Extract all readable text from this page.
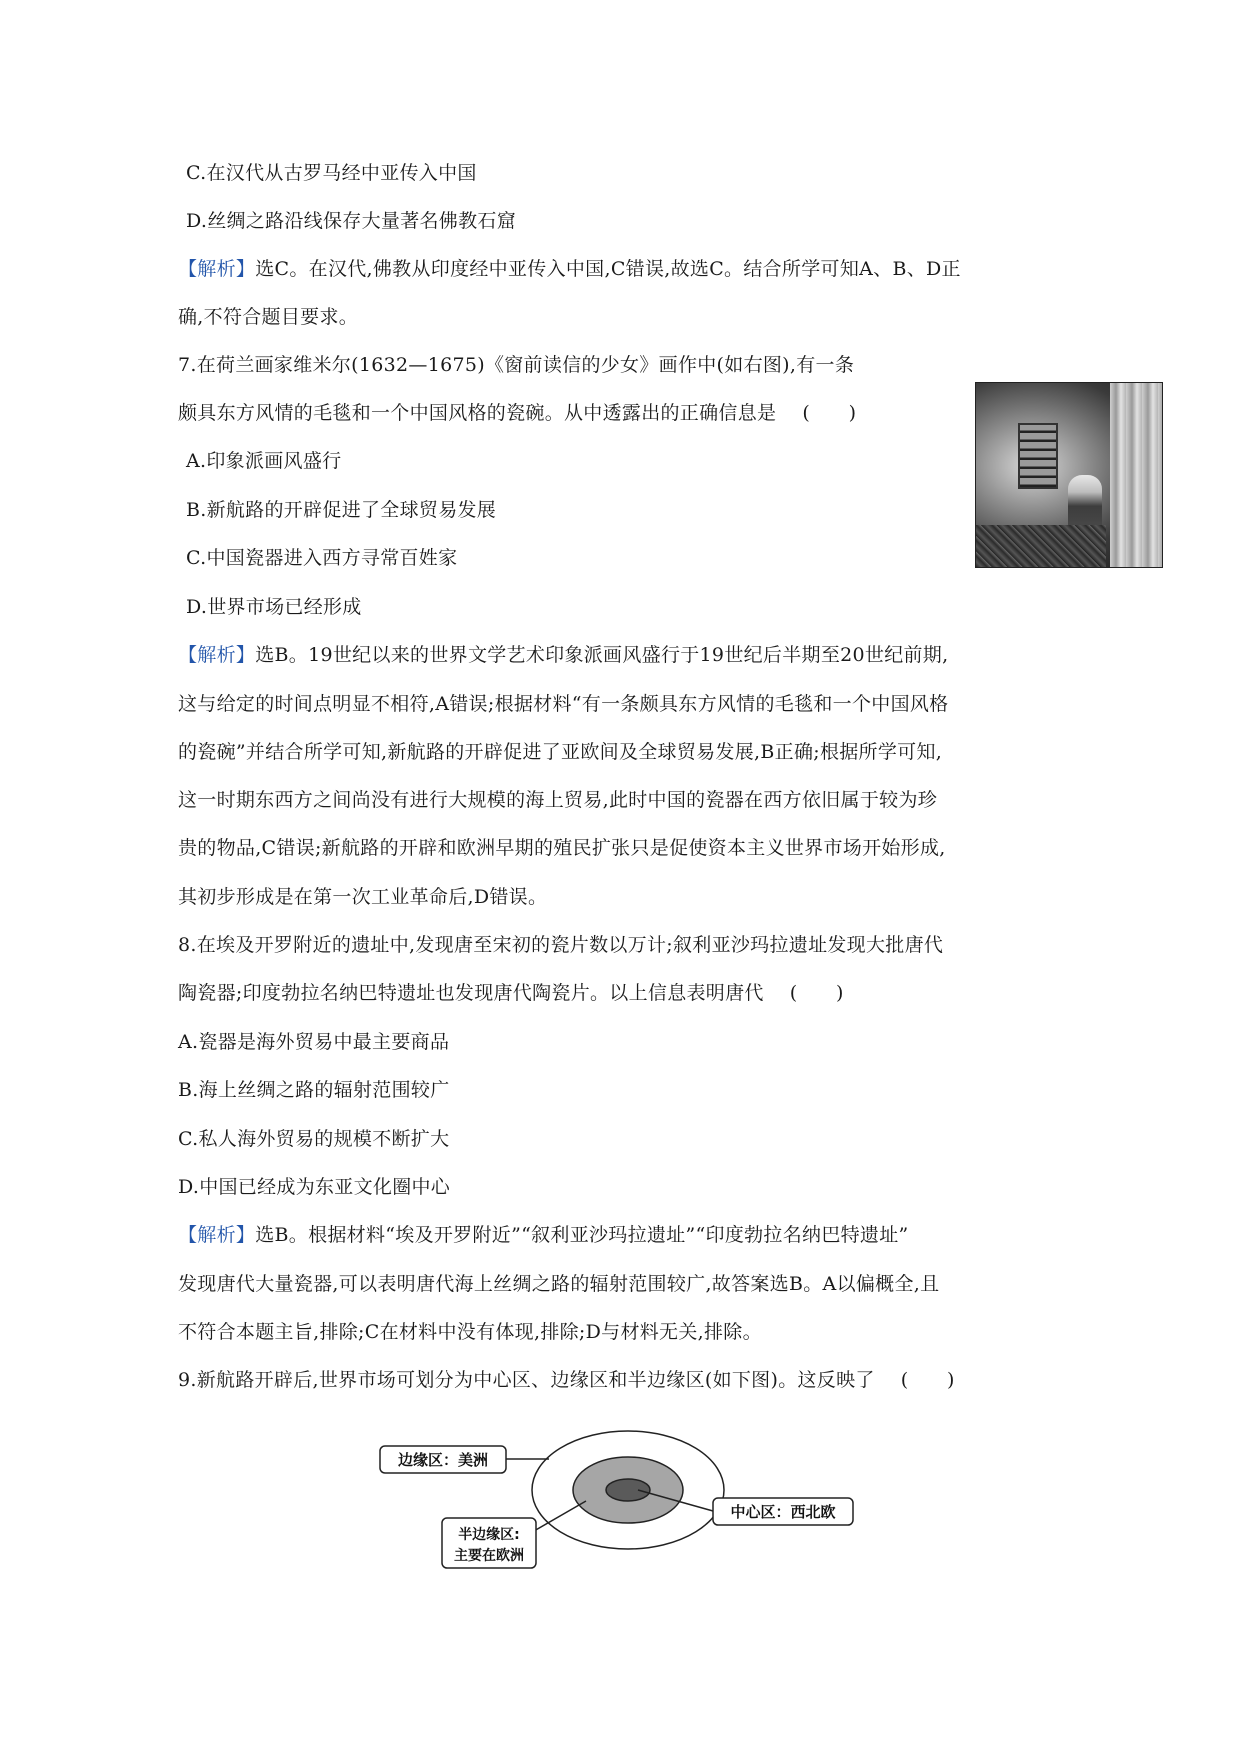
C.在汉代从古罗马经中亚传入中国
D.丝绸之路沿线保存大量著名佛教石窟
【解析】选C。在汉代,佛教从印度经中亚传入中国,C错误,故选C。结合所学可知A、B、D正
确,不符合题目要求。
7.在荷兰画家维米尔(1632—1675)《窗前读信的少女》画作中(如右图),有一条
颇具东方风情的毛毯和一个中国风格的瓷碗。从中透露出的正确信息是 (　　)
A.印象派画风盛行
B.新航路的开辟促进了全球贸易发展
C.中国瓷器进入西方寻常百姓家
D.世界市场已经形成
【解析】选B。19世纪以来的世界文学艺术印象派画风盛行于19世纪后半期至20世纪前期,
这与给定的时间点明显不相符,A错误;根据材料“有一条颇具东方风情的毛毯和一个中国风格
的瓷碗”并结合所学可知,新航路的开辟促进了亚欧间及全球贸易发展,B正确;根据所学可知,
这一时期东西方之间尚没有进行大规模的海上贸易,此时中国的瓷器在西方依旧属于较为珍
贵的物品,C错误;新航路的开辟和欧洲早期的殖民扩张只是促使资本主义世界市场开始形成,
其初步形成是在第一次工业革命后,D错误。
8.在埃及开罗附近的遗址中,发现唐至宋初的瓷片数以万计;叙利亚沙玛拉遗址发现大批唐代
陶瓷器;印度勃拉名纳巴特遗址也发现唐代陶瓷片。以上信息表明唐代 (　　)
A.瓷器是海外贸易中最主要商品
B.海上丝绸之路的辐射范围较广
C.私人海外贸易的规模不断扩大
D.中国已经成为东亚文化圈中心
【解析】选B。根据材料“埃及开罗附近”“叙利亚沙玛拉遗址”“印度勃拉名纳巴特遗址”
发现唐代大量瓷器,可以表明唐代海上丝绸之路的辐射范围较广,故答案选B。A以偏概全,且
不符合本题主旨,排除;C在材料中没有体现,排除;D与材料无关,排除。
9.新航路开辟后,世界市场可划分为中心区、边缘区和半边缘区(如下图)。这反映了 (　　)
边缘区：美洲
中心区：西北欧
半边缘区:
主要在欧洲
